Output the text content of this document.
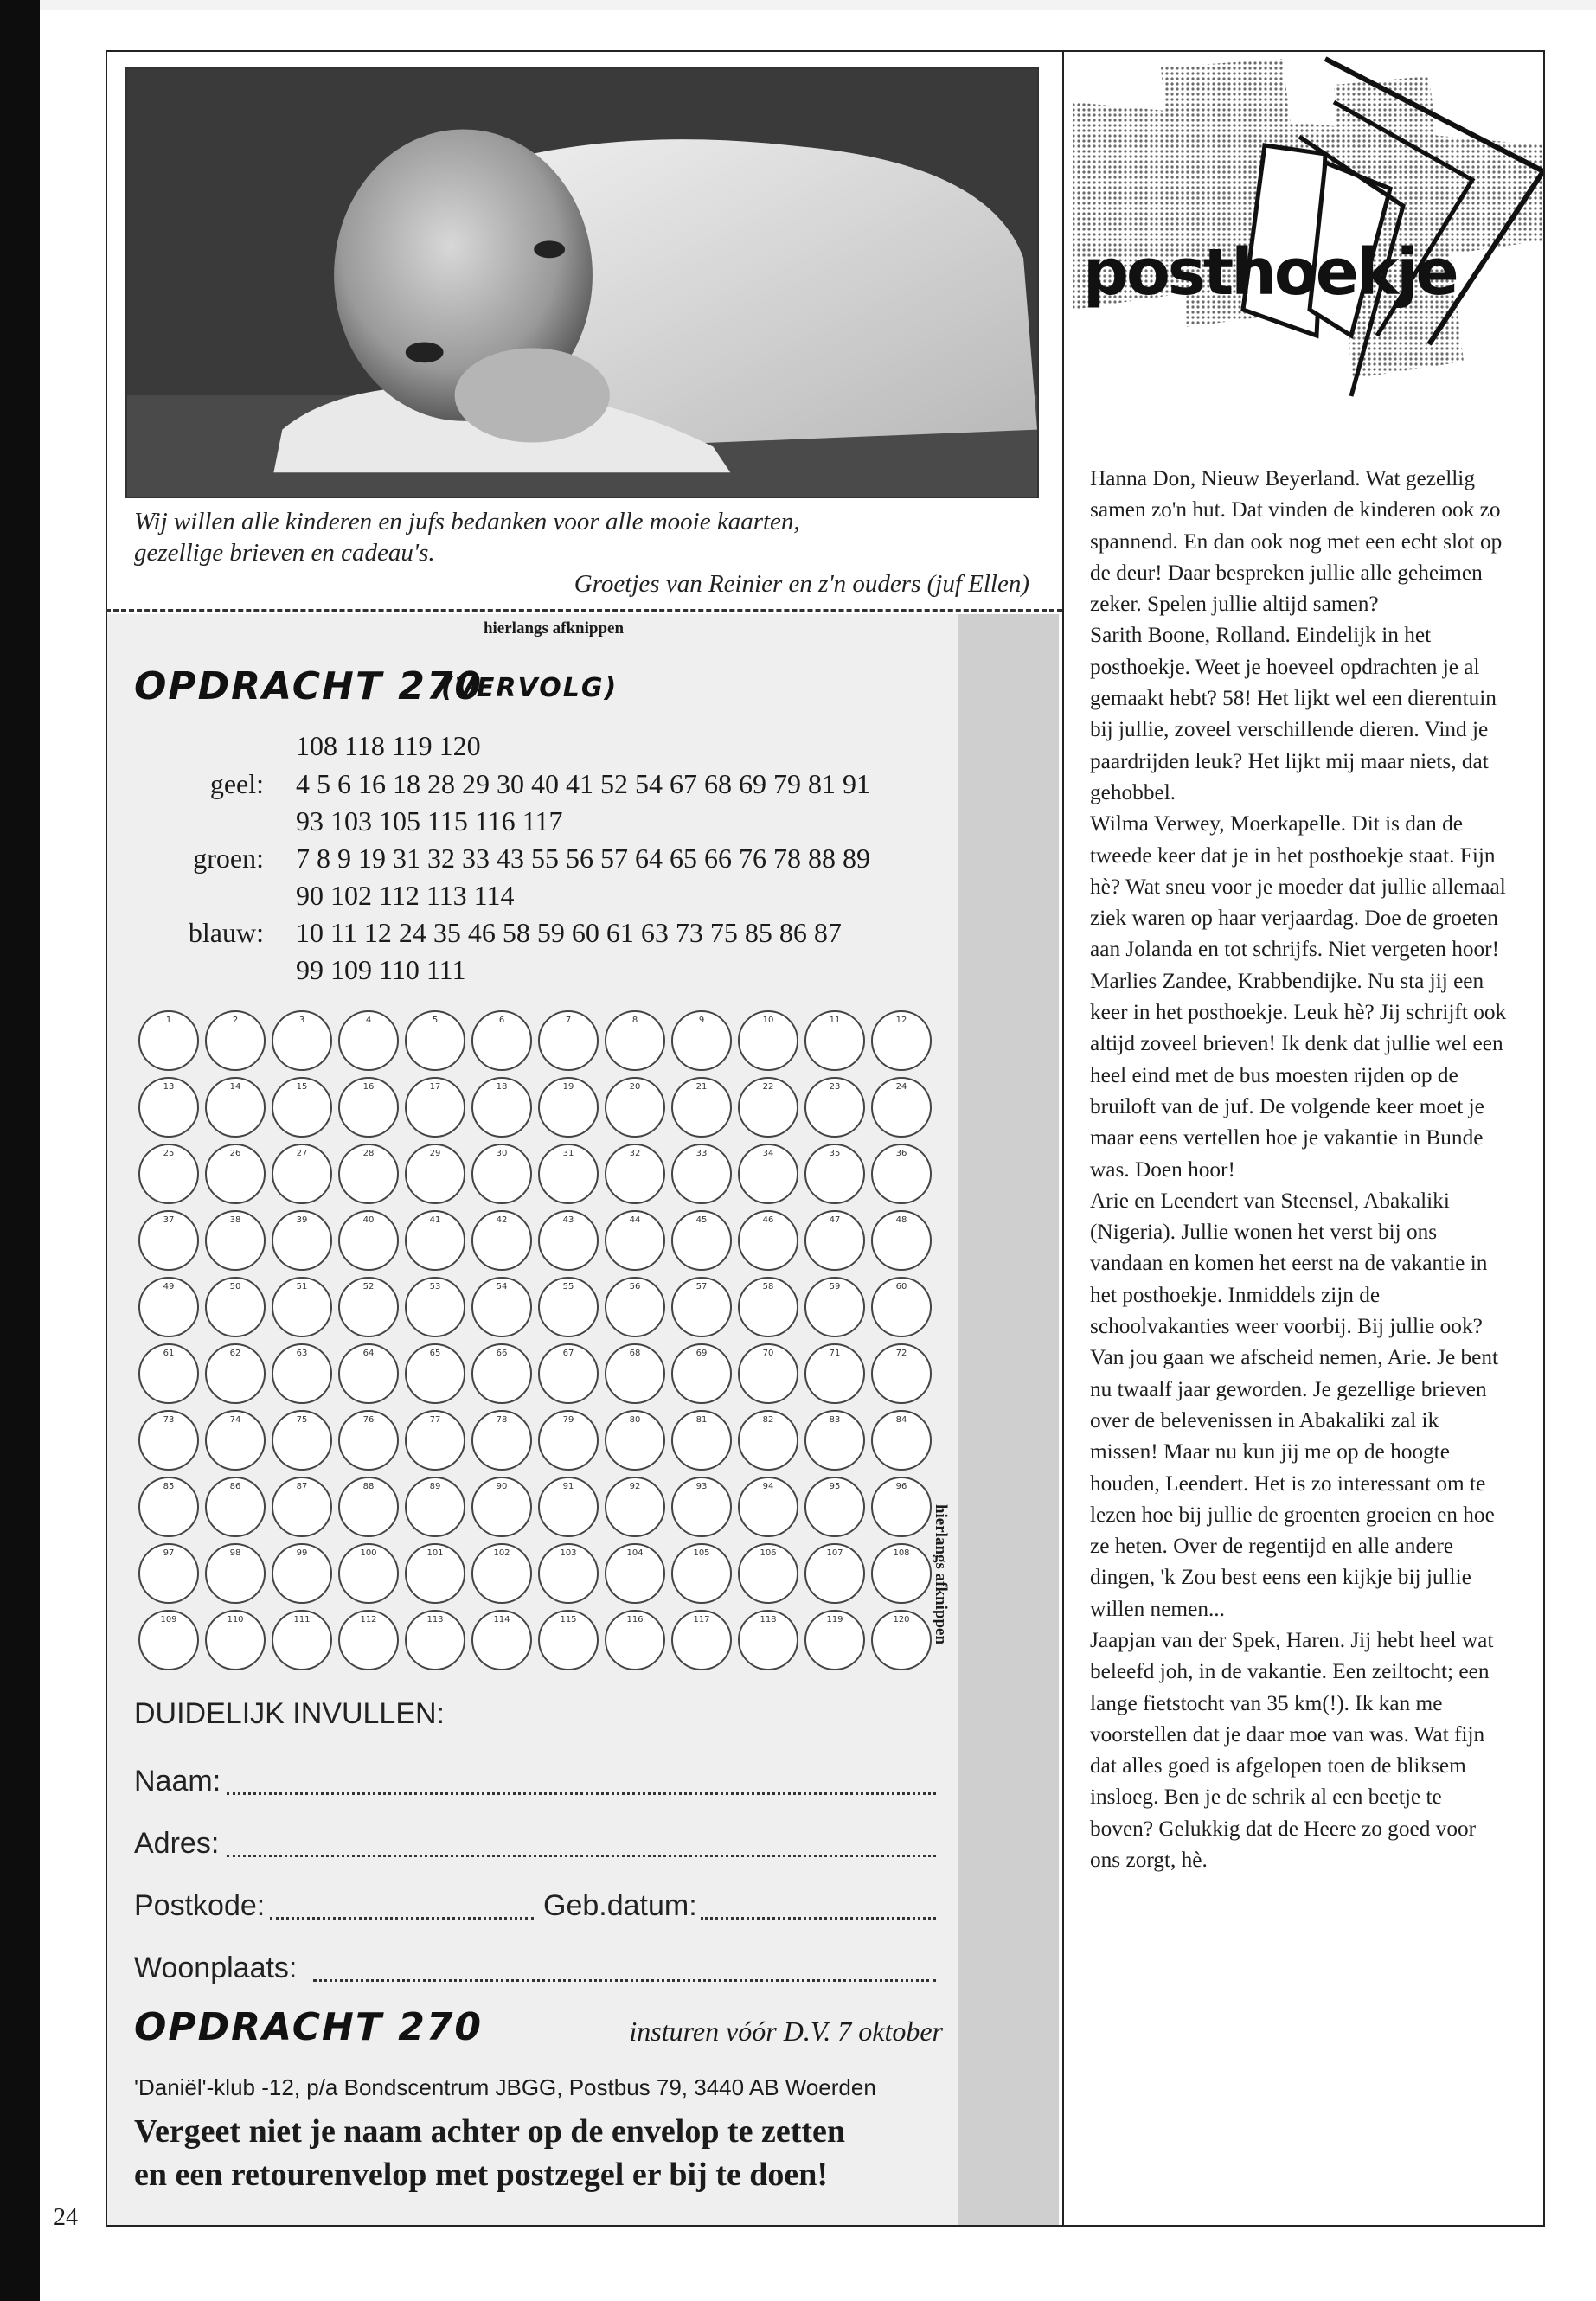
Wij willen alle kinderen en jufs bedanken voor alle mooie kaarten,
gezellige brieven en cadeau's.
Groetjes van Reinier en z'n ouders (juf Ellen)
hierlangs afknippen
hierlangs afknippen
OPDRACHT 270
(VERVOLG)
108 118 119 120
geel: 4 5 6 16 18 28 29 30 40 41 52 54 67 68 69 79 81 91
93 103 105 115 116 117
groen: 7 8 9 19 31 32 33 43 55 56 57 64 65 66 76 78 88 89
90 102 112 113 114
blauw: 10 11 12 24 35 46 58 59 60 61 63 73 75 85 86 87
99 109 110 111
1	2	3	4	5	6	7	8	9	10	11	12
13	14	15	16	17	18	19	20	21	22	23	24
25	26	27	28	29	30	31	32	33	34	35	36
37	38	39	40	41	42	43	44	45	46	47	48
49	50	51	52	53	54	55	56	57	58	59	60
61	62	63	64	65	66	67	68	69	70	71	72
73	74	75	76	77	78	79	80	81	82	83	84
85	86	87	88	89	90	91	92	93	94	95	96
97	98	99	100	101	102	103	104	105	106	107	108
109	110	111	112	113	114	115	116	117	118	119	120
DUIDELIJK INVULLEN:
Naam:
Adres:
Postkode:	Geb.datum:
Woonplaats:
OPDRACHT 270	insturen vóór D.V. 7 oktober
'Daniël'-klub -12, p/a Bondscentrum JBGG, Postbus 79, 3440 AB Woerden
Vergeet niet je naam achter op de envelop te zetten
en een retourenvelop met postzegel er bij te doen!
24
posthoekje

Hanna Don, Nieuw Beyerland. Wat gezellig samen zo'n hut. Dat vinden de kinderen ook zo spannend. En dan ook nog met een echt slot op de deur! Daar bespreken jullie alle geheimen zeker. Spelen jullie altijd samen?

Sarith Boone, Rolland. Eindelijk in het posthoekje. Weet je hoeveel opdrachten je al gemaakt hebt? 58! Het lijkt wel een dierentuin bij jullie, zoveel verschillende dieren. Vind je paardrijden leuk? Het lijkt mij maar niets, dat gehobbel.

Wilma Verwey, Moerkapelle. Dit is dan de tweede keer dat je in het posthoekje staat. Fijn hè? Wat sneu voor je moeder dat jullie allemaal ziek waren op haar verjaardag. Doe de groeten aan Jolanda en tot schrijfs. Niet vergeten hoor!

Marlies Zandee, Krabbendijke. Nu sta jij een keer in het posthoekje. Leuk hè? Jij schrijft ook altijd zoveel brieven! Ik denk dat jullie wel een heel eind met de bus moesten rijden op de bruiloft van de juf. De volgende keer moet je maar eens vertellen hoe je vakantie in Bunde was. Doen hoor!

Arie en Leendert van Steensel, Abakaliki (Nigeria). Jullie wonen het verst bij ons vandaan en komen het eerst na de vakantie in het posthoekje. Inmiddels zijn de schoolvakanties weer voorbij. Bij jullie ook? Van jou gaan we afscheid nemen, Arie. Je bent nu twaalf jaar geworden. Je gezellige brieven over de belevenissen in Abakaliki zal ik missen! Maar nu kun jij me op de hoogte houden, Leendert. Het is zo interessant om te lezen hoe bij jullie de groenten groeien en hoe ze heten. Over de regentijd en alle andere dingen, 'k Zou best eens een kijkje bij jullie willen nemen...

Jaapjan van der Spek, Haren. Jij hebt heel wat beleefd joh, in de vakantie. Een zeiltocht; een lange fietstocht van 35 km(!). Ik kan me voorstellen dat je daar moe van was. Wat fijn dat alles goed is afgelopen toen de bliksem insloeg. Ben je de schrik al een beetje te boven? Gelukkig dat de Heere zo goed voor ons zorgt, hè.
